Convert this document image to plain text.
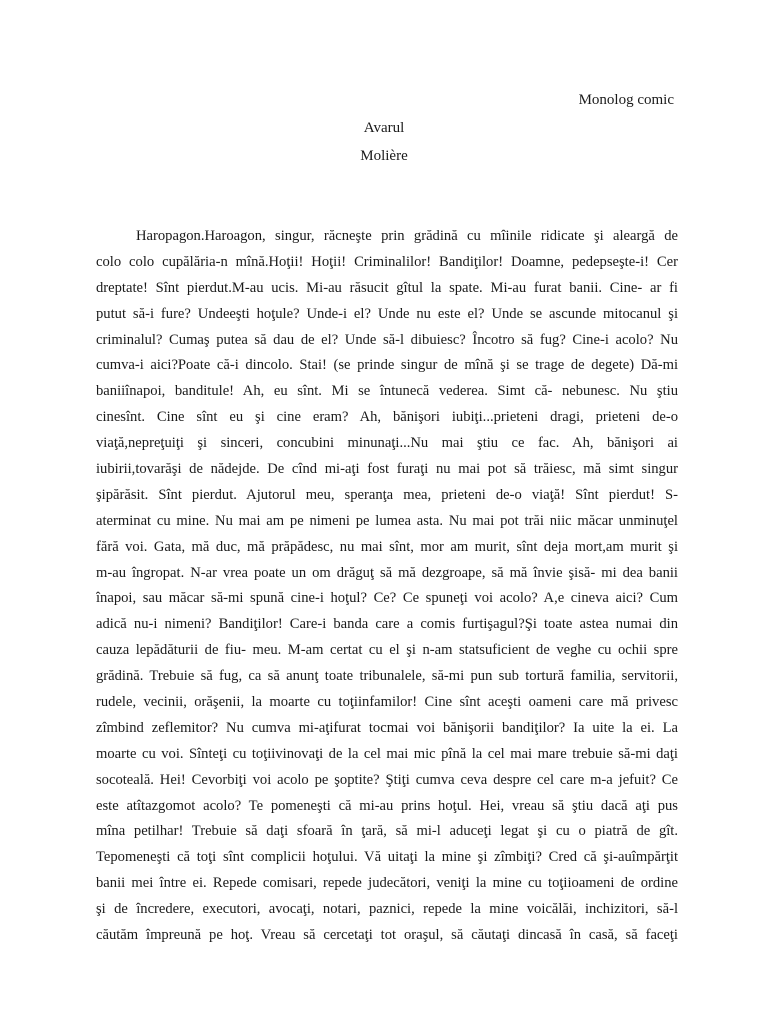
Monolog comic
Avarul
Molière
Haropagon.Haroagon, singur, răcneşte prin grădină cu mîinile ridicate şi aleargă de
colo colo cupălăria-n mînă.Hoţii! Hoţii! Criminalilor! Bandiţilor! Doamne, pedepseşte-i! Cer
dreptate! Sînt pierdut.M-au ucis. Mi-au răsucit gîtul la spate. Mi-au furat banii. Cine- ar fi
putut să-i fure? Undeeşti hoţule? Unde-i el? Unde nu este el? Unde se ascunde mitocanul şi
criminalul? Cumaş putea să dau de el? Unde să-l dibuiesc? Încotro să fug? Cine-i acolo? Nu
cumva-i aici?Poate că-i dincolo. Stai! (se prinde singur de mînă şi se trage de degete) Dă-mi
baniiînapoi, banditule! Ah, eu sînt. Mi se întunecă vederea. Simt că- nebunesc. Nu ştiu
cinesînt. Cine sînt eu şi cine eram? Ah, bănişori iubiţi...prieteni dragi, prieteni de-o
viaţă,nepreţuiţi şi sinceri, concubini minunaţi...Nu mai ştiu ce fac. Ah, bănişori ai
iubirii,tovarăşi de nădejde. De cînd mi-aţi fost furaţi nu mai pot să trăiesc, mă simt singur
şipărăsit. Sînt pierdut. Ajutorul meu, speranţa mea, prieteni de-o viaţă! Sînt pierdut! S-
aterminat cu mine. Nu mai am pe nimeni pe lumea asta. Nu mai pot trăi niic măcar unminuţel
fără voi. Gata, mă duc, mă prăpădesc, nu mai sînt, mor am murit, sînt deja mort,am murit şi
m-au îngropat. N-ar vrea poate un om drăguţ să mă dezgroape, să mă învie şisă- mi dea banii
înapoi, sau măcar să-mi spună cine-i hoţul? Ce? Ce spuneţi voi acolo? A,e cineva aici? Cum
adică nu-i nimeni? Bandiţilor! Care-i banda care a comis furtişagul?Şi toate astea numai din
cauza lepădăturii de fiu- meu. M-am certat cu el şi n-am statsuficient de veghe cu ochii spre
grădină. Trebuie să fug, ca să anunţ toate tribunalele, să-mi pun sub tortură familia, servitorii,
rudele, vecinii, orăşenii, la moarte cu toţiinfamilor! Cine sînt aceşti oameni care mă privesc
zîmbind zeflemitor? Nu cumva mi-aţifurat tocmai voi bănişorii bandiţilor? Ia uite la ei. La
moarte cu voi. Sînteţi cu toţiivinovaţi de la cel mai mic pînă la cel mai mare trebuie să-mi daţi
socoteală. Hei! Cevorbiţi voi acolo pe şoptite? Ştiţi cumva ceva despre cel care m-a jefuit? Ce
este atîtazgomot acolo? Te pomeneşti că mi-au prins hoţul. Hei, vreau să ştiu dacă aţi pus
mîna petilhar! Trebuie să daţi sfoară în ţară, să mi-l aduceţi legat şi cu o piatră de gît.
Tepomeneşti că toţi sînt complicii hoţului. Vă uitaţi la mine şi zîmbiţi? Cred că şi-auîmpărţit
banii mei între ei. Repede comisari, repede judecători, veniţi la mine cu toţiioameni de ordine
şi de încredere, executori, avocaţi, notari, paznici, repede la mine voicălăi, inchizitori, să-l
căutăm împreună pe hoţ. Vreau să cercetaţi tot oraşul, să căutaţi dincasă în casă, să faceţi
